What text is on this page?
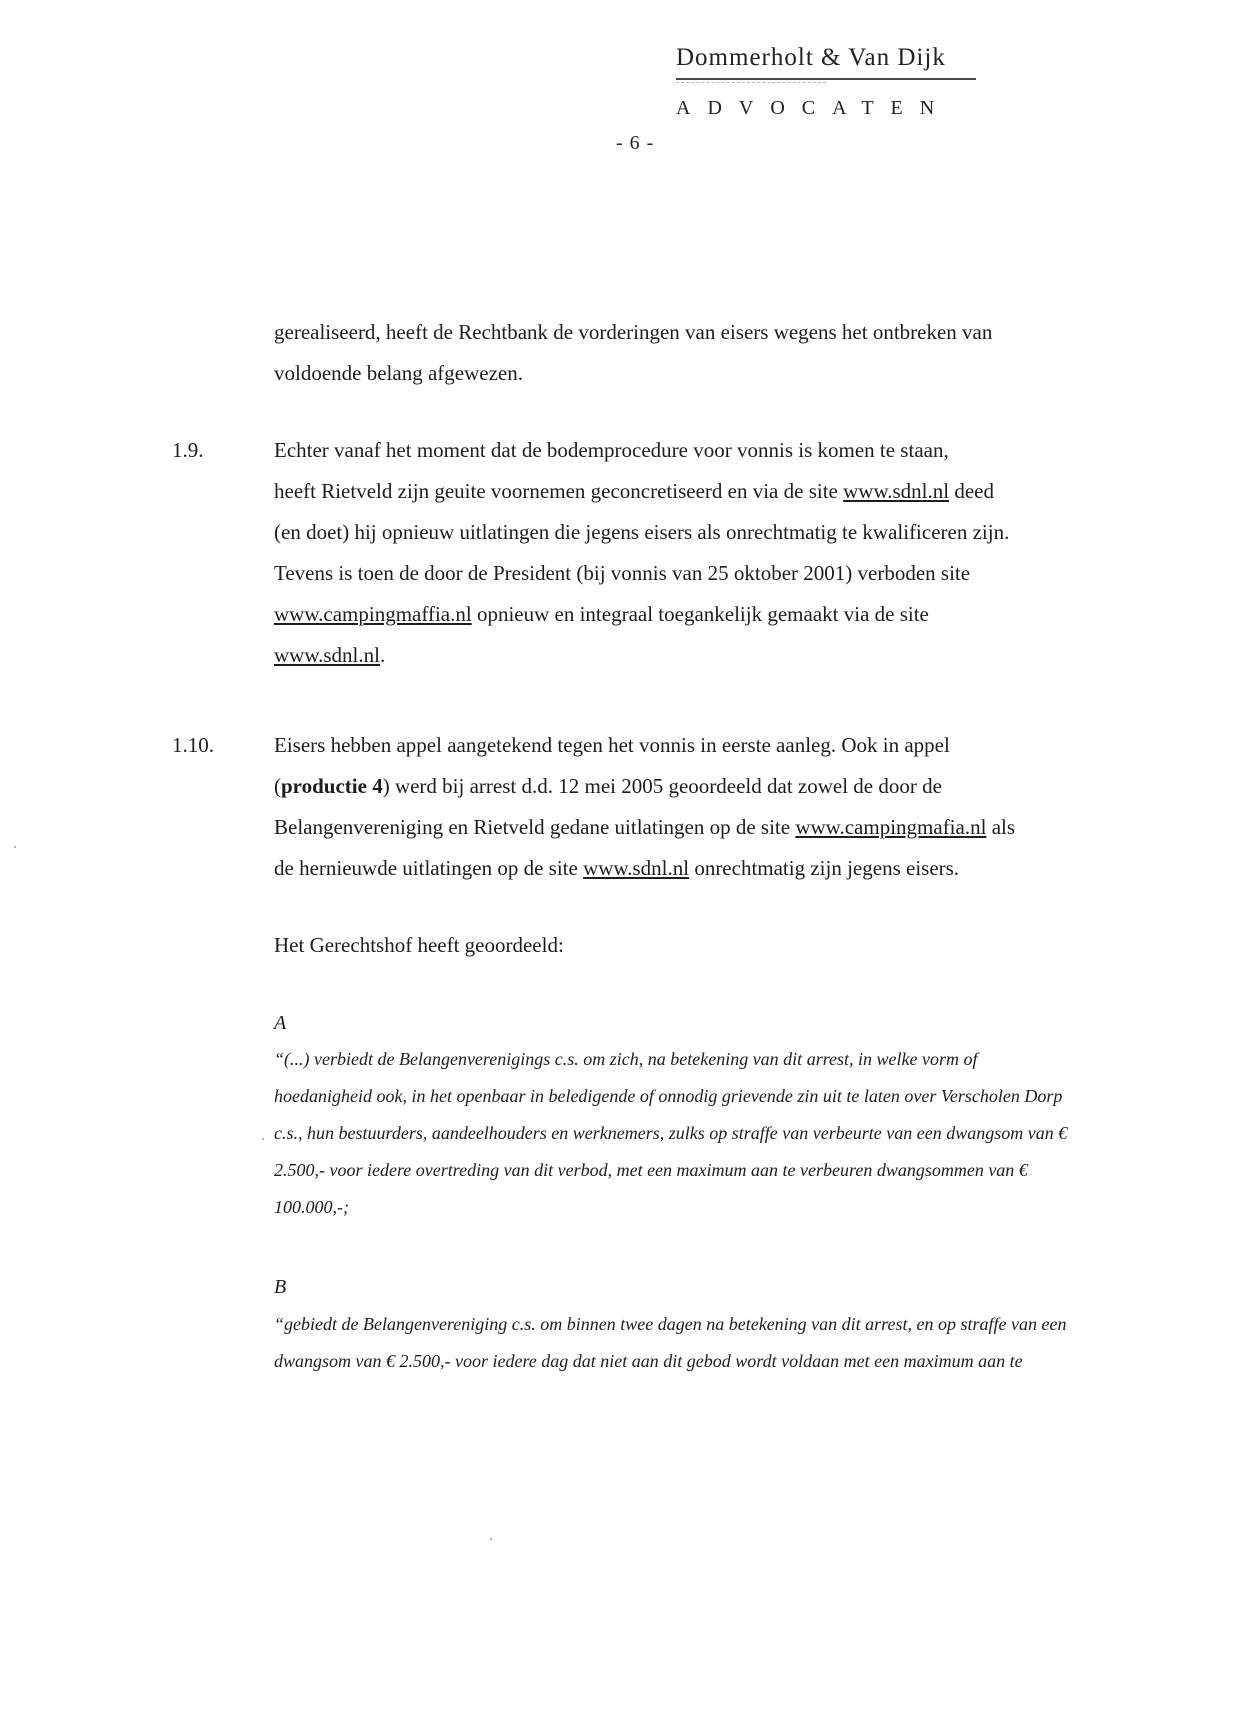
Dommerholt & Van Dijk
ADVOCATEN
- 6 -
gerealiseerd, heeft de Rechtbank de vorderingen van eisers wegens het ontbreken van
voldoende belang afgewezen.
1.9.	Echter vanaf het moment dat de bodemprocedure voor vonnis is komen te staan,
heeft Rietveld zijn geuite voornemen geconcretiseerd en via de site www.sdnl.nl deed
(en doet) hij opnieuw uitlatingen die jegens eisers als onrechtmatig te kwalificeren zijn.
Tevens is toen de door de President (bij vonnis van 25 oktober 2001) verboden site
www.campingmaffia.nl opnieuw en integraal toegankelijk gemaakt via de site
www.sdnl.nl.
1.10.	Eisers hebben appel aangetekend tegen het vonnis in eerste aanleg. Ook in appel
(productie 4) werd bij arrest d.d. 12 mei 2005 geoordeeld dat zowel de door de
Belangenvereniging en Rietveld gedane uitlatingen op de site www.campingmafia.nl als
de hernieuwde uitlatingen op de site www.sdnl.nl onrechtmatig zijn jegens eisers.
Het Gerechtshof heeft geoordeeld:
A
“(...) verbiedt de Belangenverenigings c.s. om zich, na betekening van dit arrest, in welke vorm of
hoedanigheid ook, in het openbaar in beledigende of onnodig grievende zin uit te laten over Verscholen Dorp
c.s., hun bestuurders, aandeelhouders en werknemers, zulks op straffe van verbeurte van een dwangsom van €
2.500,- voor iedere overtreding van dit verbod, met een maximum aan te verbeuren dwangsommen van €
100.000,-;
B
“gebiedt de Belangenvereniging c.s. om binnen twee dagen na betekening van dit arrest, en op straffe van een
dwangsom van € 2.500,- voor iedere dag dat niet aan dit gebod wordt voldaan met een maximum aan te
